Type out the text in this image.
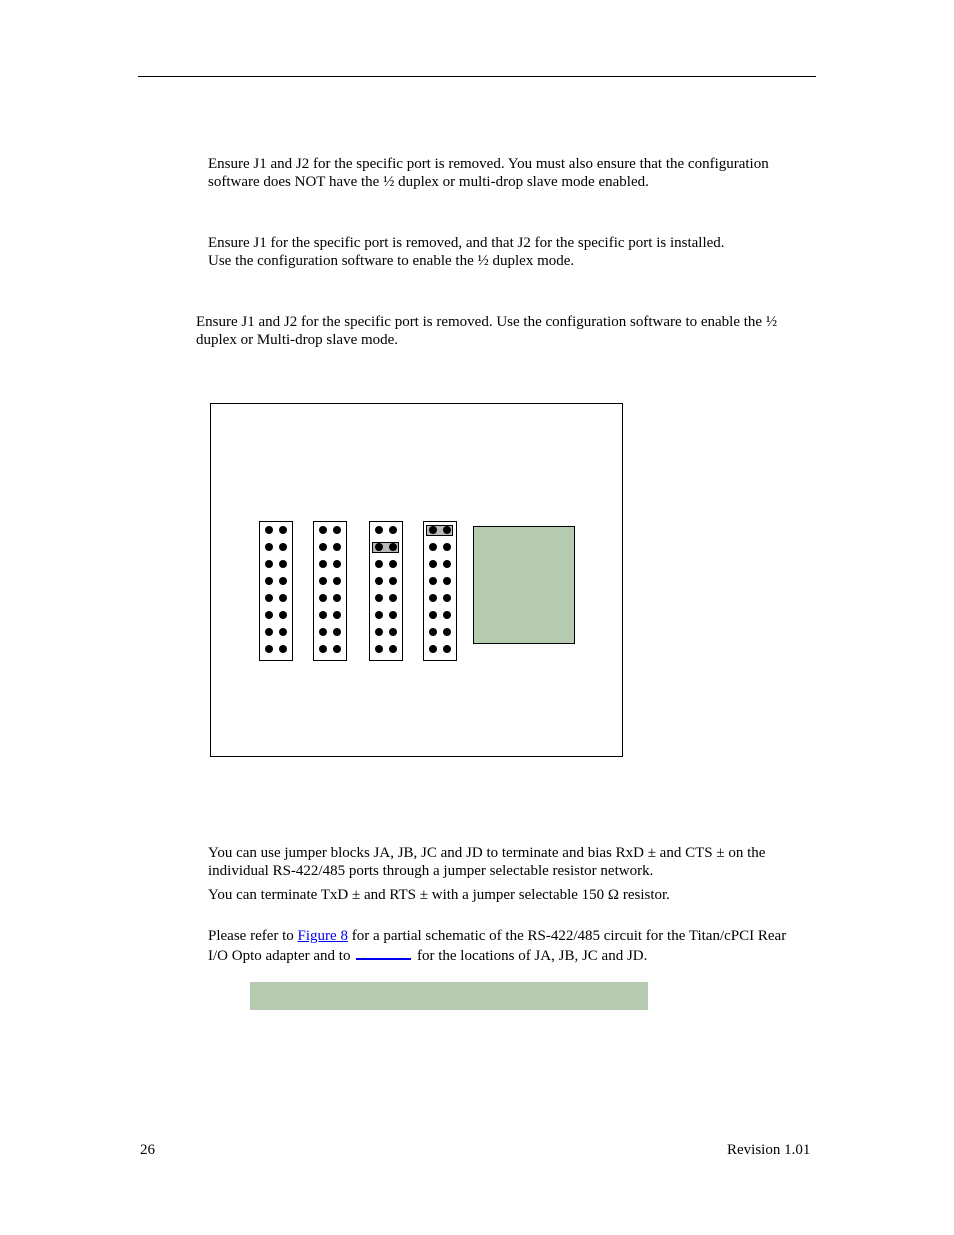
Ensure J1 and J2 for the specific port is removed. You must also ensure that the configuration
software does NOT have the ½ duplex or multi-drop slave mode enabled.

Ensure J1 for the specific port is removed, and that J2 for the specific port is installed.
Use the configuration software to enable the ½ duplex mode.

Ensure J1 and J2 for the specific port is removed. Use the configuration software to enable the ½
duplex or Multi-drop slave mode.

You can use jumper blocks JA, JB, JC and JD to terminate and bias RxD ± and CTS ± on the
individual RS-422/485 ports through a jumper selectable resistor network.

You can terminate TxD ± and RTS ± with a jumper selectable 150 Ω resistor.

Please refer to Figure 8 for a partial schematic of the RS-422/485 circuit for the Titan/cPCI Rear
I/O Opto adapter and to	for the locations of JA, JB, JC and JD.

26	Revision 1.01
